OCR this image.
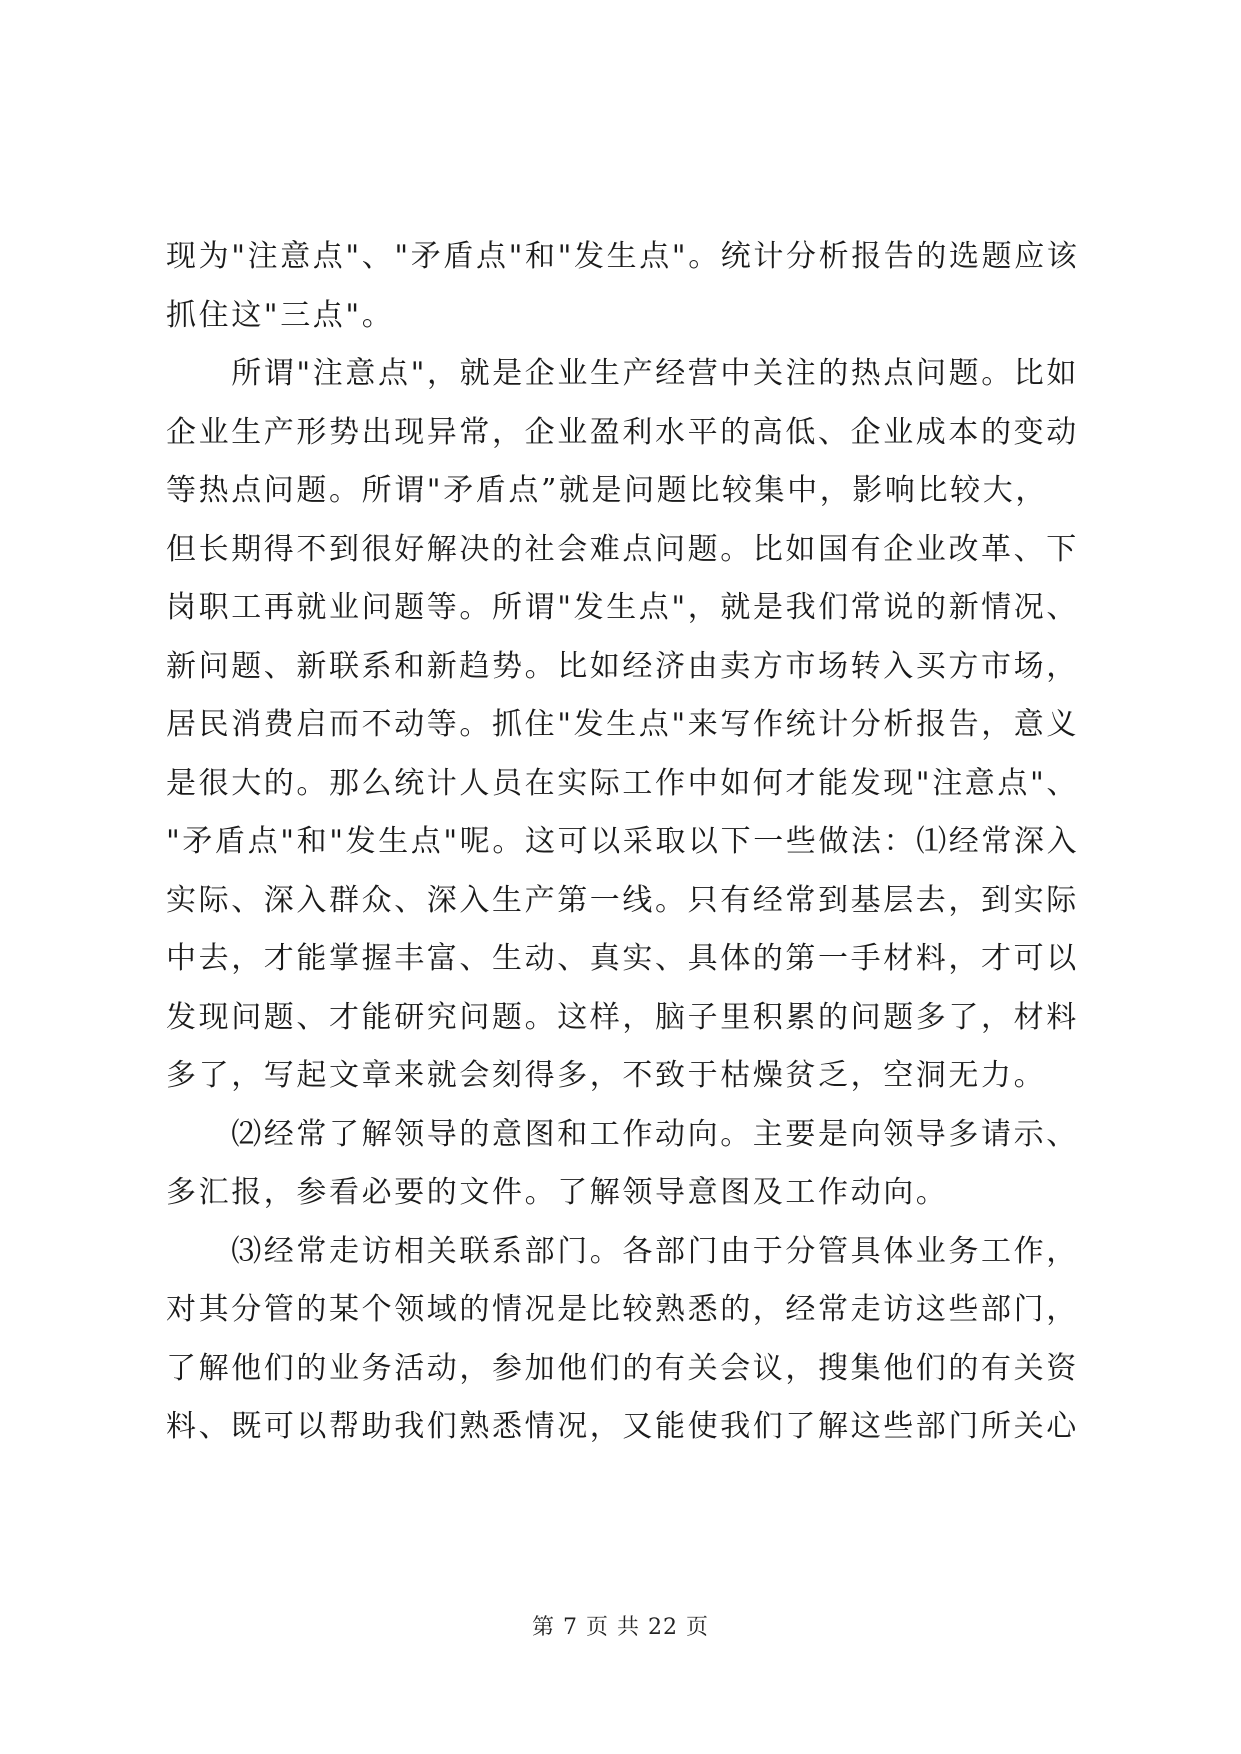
现为"注意点"、"矛盾点"和"发生点"。统计分析报告的选题应该
抓住这"三点"。
　　所谓"注意点"，就是企业生产经营中关注的热点问题。比如
企业生产形势出现异常，企业盈利水平的高低、企业成本的变动
等热点问题。所谓"矛盾点”就是问题比较集中，影响比较大，
但长期得不到很好解决的社会难点问题。比如国有企业改革、下
岗职工再就业问题等。所谓"发生点"，就是我们常说的新情况、
新问题、新联系和新趋势。比如经济由卖方市场转入买方市场，
居民消费启而不动等。抓住"发生点"来写作统计分析报告，意义
是很大的。那么统计人员在实际工作中如何才能发现"注意点"、
"矛盾点"和"发生点"呢。这可以采取以下一些做法：⑴经常深入
实际、深入群众、深入生产第一线。只有经常到基层去，到实际
中去，才能掌握丰富、生动、真实、具体的第一手材料，才可以
发现问题、才能研究问题。这样，脑子里积累的问题多了，材料
多了，写起文章来就会刻得多，不致于枯燥贫乏，空洞无力。
　　⑵经常了解领导的意图和工作动向。主要是向领导多请示、
多汇报，参看必要的文件。了解领导意图及工作动向。
　　⑶经常走访相关联系部门。各部门由于分管具体业务工作，
对其分管的某个领域的情况是比较熟悉的，经常走访这些部门，
了解他们的业务活动，参加他们的有关会议，搜集他们的有关资
料、既可以帮助我们熟悉情况，又能使我们了解这些部门所关心
第 7 页 共 22 页
